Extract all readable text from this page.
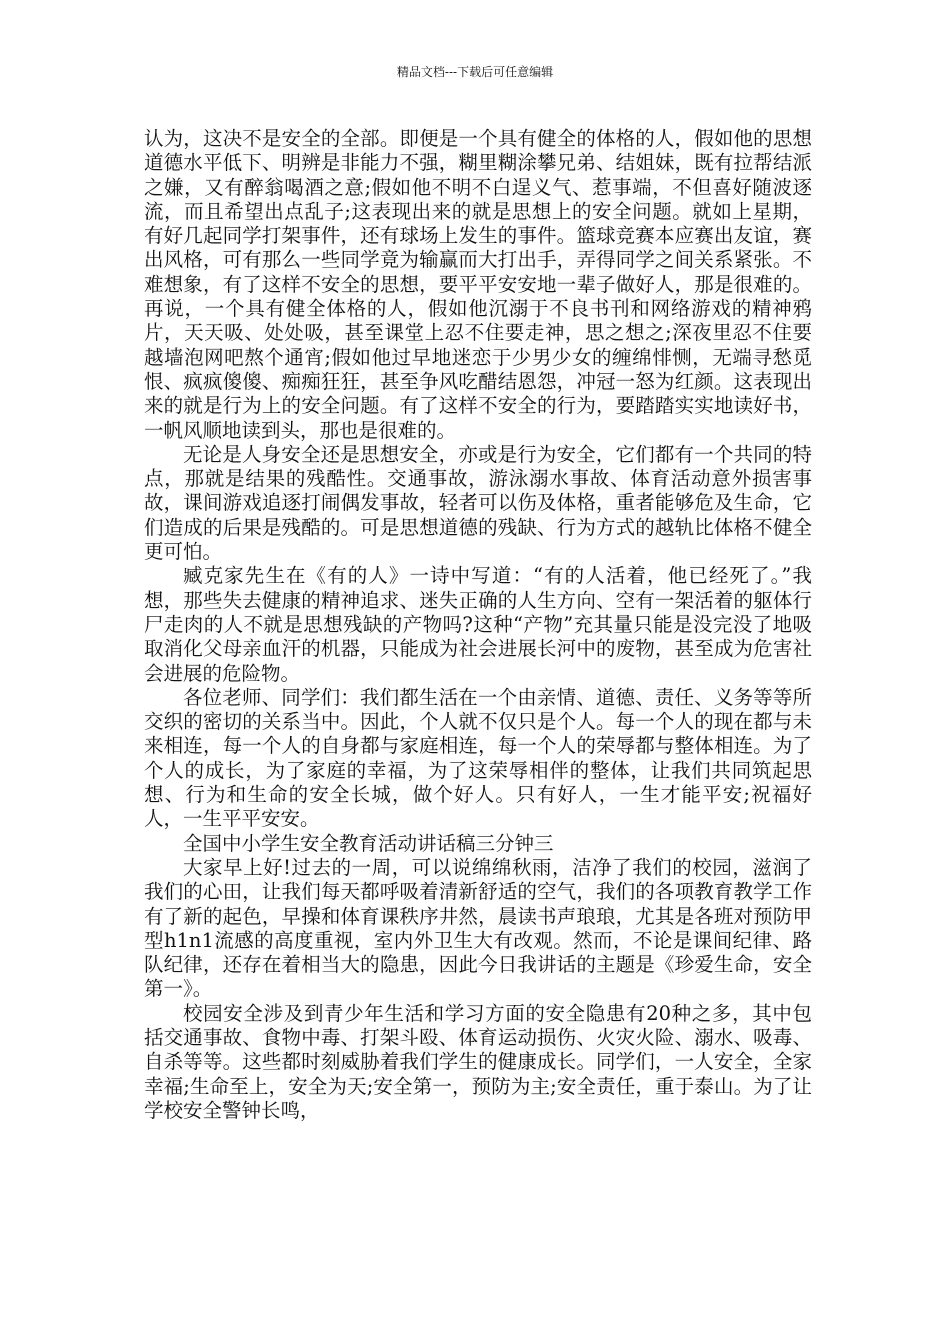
精品文档---下载后可任意编辑

认为，这决不是安全的全部。即便是一个具有健全的体格的人，假如他的思想道德水平低下、明辨是非能力不强，糊里糊涂攀兄弟、结姐妹，既有拉帮结派之嫌，又有醉翁喝酒之意;假如他不明不白逞义气、惹事端，不但喜好随波逐流，而且希望出点乱子;这表现出来的就是思想上的安全问题。就如上星期，有好几起同学打架事件，还有球场上发生的事件。篮球竞赛本应赛出友谊，赛出风格，可有那么一些同学竟为输赢而大打出手，弄得同学之间关系紧张。不难想象，有了这样不安全的思想，要平平安安地一辈子做好人，那是很难的。再说，一个具有健全体格的人，假如他沉溺于不良书刊和网络游戏的精神鸦片，天天吸、处处吸，甚至课堂上忍不住要走神，思之想之;深夜里忍不住要越墙泡网吧熬个通宵;假如他过早地迷恋于少男少女的缠绵悱恻，无端寻愁觅恨、疯疯傻傻、痴痴狂狂，甚至争风吃醋结恩怨，冲冠一怒为红颜。这表现出来的就是行为上的安全问题。有了这样不安全的行为，要踏踏实实地读好书，一帆风顺地读到头，那也是很难的。

无论是人身安全还是思想安全，亦或是行为安全，它们都有一个共同的特点，那就是结果的残酷性。交通事故，游泳溺水事故、体育活动意外损害事故，课间游戏追逐打闹偶发事故，轻者可以伤及体格，重者能够危及生命，它们造成的后果是残酷的。可是思想道德的残缺、行为方式的越轨比体格不健全更可怕。

臧克家先生在《有的人》一诗中写道：“有的人活着，他已经死了。”我想，那些失去健康的精神追求、迷失正确的人生方向、空有一架活着的躯体行尸走肉的人不就是思想残缺的产物吗?这种“产物”充其量只能是没完没了地吸取消化父母亲血汗的机器，只能成为社会进展长河中的废物，甚至成为危害社会进展的危险物。

各位老师、同学们：我们都生活在一个由亲情、道德、责任、义务等等所交织的密切的关系当中。因此，个人就不仅只是个人。每一个人的现在都与未来相连，每一个人的自身都与家庭相连，每一个人的荣辱都与整体相连。为了个人的成长，为了家庭的幸福，为了这荣辱相伴的整体，让我们共同筑起思想、行为和生命的安全长城，做个好人。只有好人，一生才能平安;祝福好人，一生平平安安。

全国中小学生安全教育活动讲话稿三分钟三

大家早上好!过去的一周，可以说绵绵秋雨，洁净了我们的校园，滋润了我们的心田，让我们每天都呼吸着清新舒适的空气，我们的各项教育教学工作有了新的起色，早操和体育课秩序井然，晨读书声琅琅，尤其是各班对预防甲型h1n1流感的高度重视，室内外卫生大有改观。然而，不论是课间纪律、路队纪律，还存在着相当大的隐患，因此今日我讲话的主题是《珍爱生命，安全第一》。

校园安全涉及到青少年生活和学习方面的安全隐患有20种之多，其中包括交通事故、食物中毒、打架斗殴、体育运动损伤、火灾火险、溺水、吸毒、自杀等等。这些都时刻威胁着我们学生的健康成长。同学们，一人安全，全家幸福;生命至上，安全为天;安全第一，预防为主;安全责任，重于泰山。为了让学校安全警钟长鸣，
